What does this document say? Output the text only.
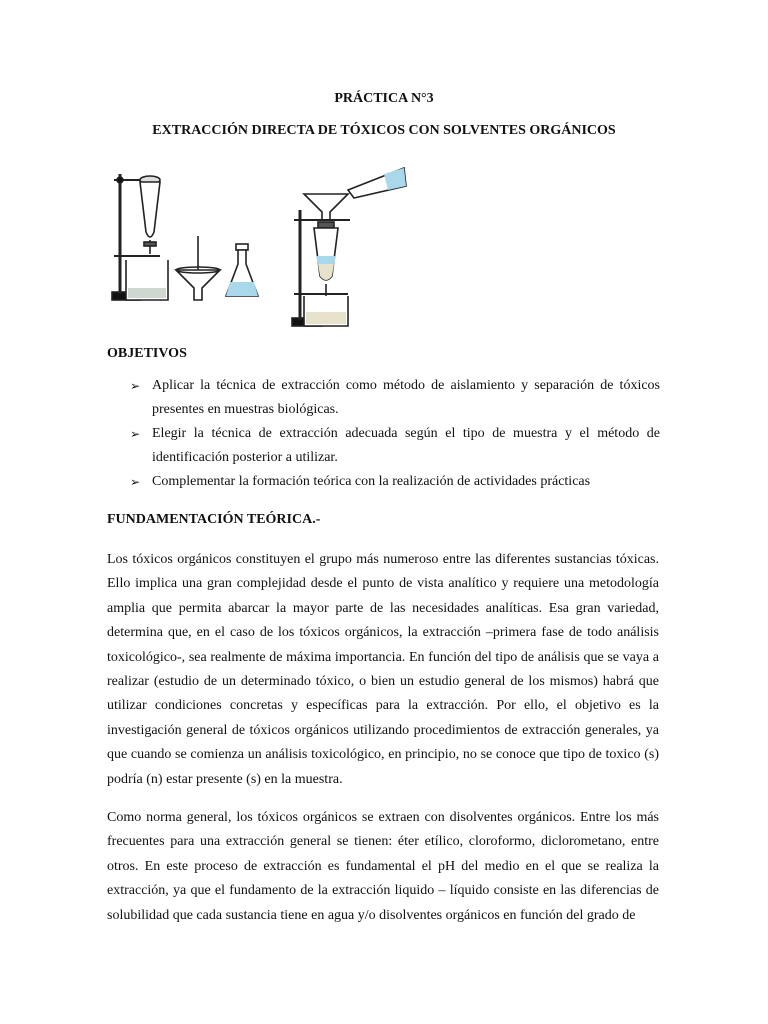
PRÁCTICA N°3

EXTRACCIÓN DIRECTA DE TÓXICOS CON SOLVENTES ORGÁNICOS

OBJETIVOS

➢ Aplicar la técnica de extracción como método de aislamiento y separación de tóxicos presentes en muestras biológicas.
➢ Elegir la técnica de extracción adecuada según el tipo de muestra y el método de identificación posterior a utilizar.
➢ Complementar la formación teórica con la realización de actividades prácticas

FUNDAMENTACIÓN TEÓRICA.-

Los tóxicos orgánicos constituyen el grupo más numeroso entre las diferentes sustancias tóxicas. Ello implica una gran complejidad desde el punto de vista analítico y requiere una metodología amplia que permita abarcar la mayor parte de las necesidades analíticas. Esa gran variedad, determina que, en el caso de los tóxicos orgánicos, la extracción –primera fase de todo análisis toxicológico-, sea realmente de máxima importancia. En función del tipo de análisis que se vaya a realizar (estudio de un determinado tóxico, o bien un estudio general de los mismos) habrá que utilizar condiciones concretas y específicas para la extracción. Por ello, el objetivo es la investigación general de tóxicos orgánicos utilizando procedimientos de extracción generales, ya que cuando se comienza un análisis toxicológico, en principio, no se conoce que tipo de toxico (s) podría (n) estar presente (s) en la muestra.

Como norma general, los tóxicos orgánicos se extraen con disolventes orgánicos. Entre los más frecuentes para una extracción general se tienen: éter etílico, cloroformo, diclorometano, entre otros. En este proceso de extracción es fundamental el pH del medio en el que se realiza la extracción, ya que el fundamento de la extracción liquido – líquido consiste en las diferencias de solubilidad que cada sustancia tiene en agua y/o disolventes orgánicos en función del grado de
